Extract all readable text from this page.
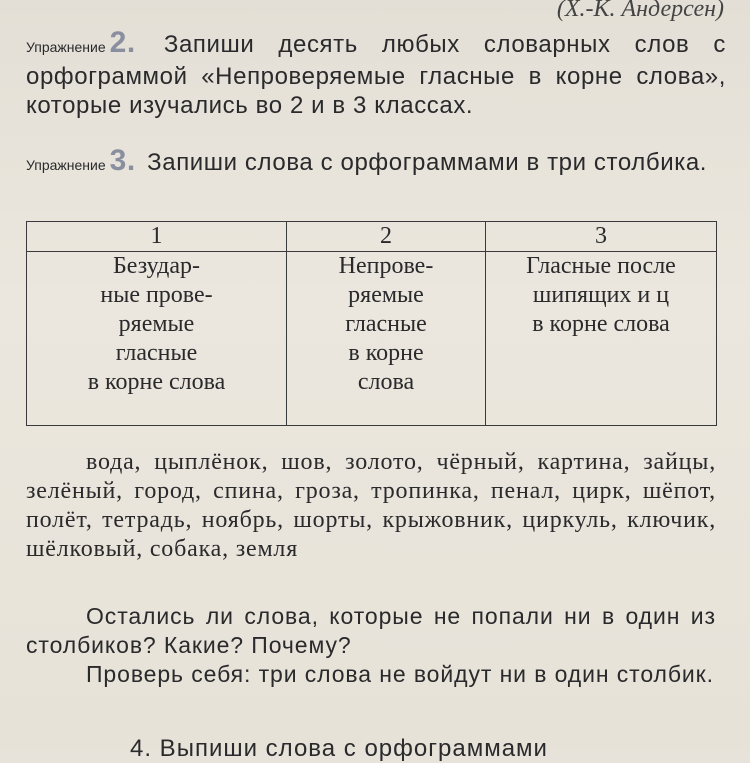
(Х.-К. Андерсен)
Упражнение 2. Запиши десять любых словарных слов с орфограммой «Непроверяемые гласные в корне слова», которые изучались во 2 и в 3 классах.
Упражнение 3. Запиши слова с орфограммами в три столбика.
1	2	3
Безудар-
ные прове-
ряемые
гласные
в корне слова	Непрове-
ряемые
гласные
в корне
слова	Гласные после
шипящих и ц
в корне слова
вода, цыплёнок, шов, золото, чёрный, картина, зайцы, зелёный, город, спина, гроза, тропинка, пенал, цирк, шёпот, полёт, тетрадь, ноябрь, шорты, крыжовник, циркуль, ключик, шёлковый, собака, земля
Остались ли слова, которые не попали ни в один из столбиков? Какие? Почему?
Проверь себя: три слова не войдут ни в один столбик.
4. Выпиши слова с орфограммами
